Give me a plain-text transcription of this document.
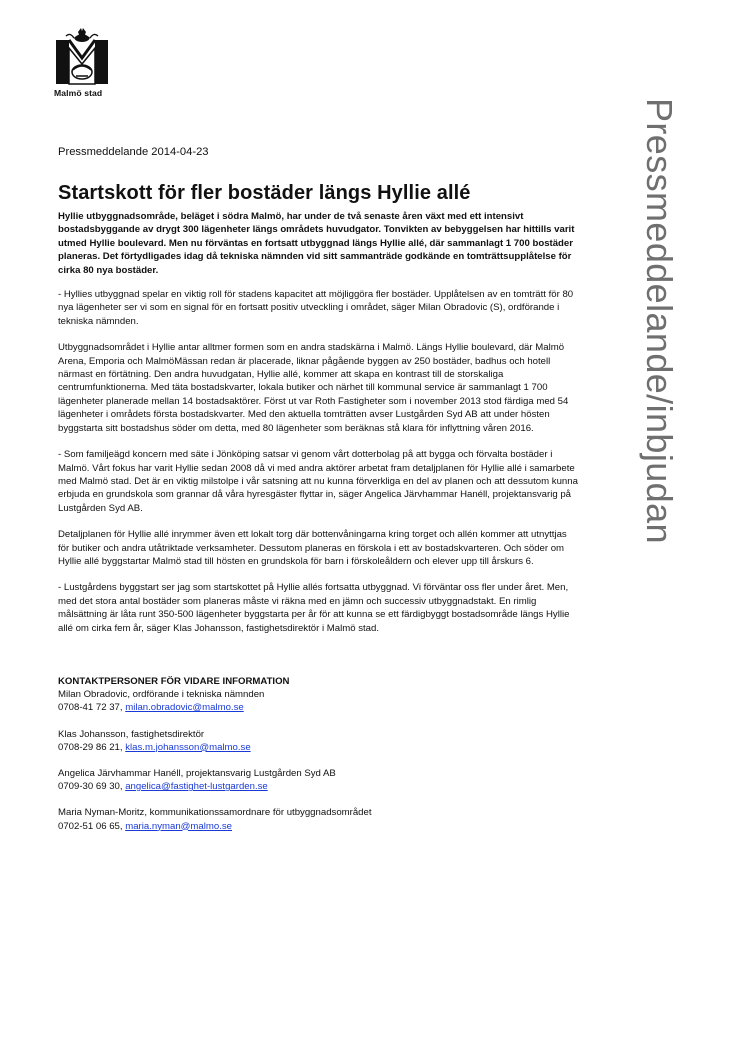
Malmö stad
Pressmeddelande/inbjudan
Pressmeddelande 2014-04-23
Startskott för fler bostäder längs Hyllie allé
Hyllie utbyggnadsområde, beläget i södra Malmö, har under de två senaste åren växt med ett intensivt bostadsbyggande av drygt 300 lägenheter längs områdets huvudgator. Tonvikten av bebyggelsen har hittills varit utmed Hyllie boulevard. Men nu förväntas en fortsatt utbyggnad längs Hyllie allé, där sammanlagt 1 700 bostäder planeras. Det förtydligades idag då tekniska nämnden vid sitt sammanträde godkände en tomträttsupplåtelse för cirka 80 nya bostäder.

- Hyllies utbyggnad spelar en viktig roll för stadens kapacitet att möjliggöra fler bostäder. Upplåtelsen av en tomträtt för 80 nya lägenheter ser vi som en signal för en fortsatt positiv utveckling i området, säger Milan Obradovic (S), ordförande i tekniska nämnden.

Utbyggnadsområdet i Hyllie antar alltmer formen som en andra stadskärna i Malmö. Längs Hyllie boulevard, där Malmö Arena, Emporia och MalmöMässan redan är placerade, liknar pågående byggen av 250 bostäder, badhus och hotell närmast en förtätning. Den andra huvudgatan, Hyllie allé, kommer att skapa en kontrast till de storskaliga centrumfunktionerna. Med täta bostadskvarter, lokala butiker och närhet till kommunal service är sammanlagt 1 700 lägenheter planerade mellan 14 bostadsaktörer. Först ut var Roth Fastigheter som i november 2013 stod färdiga med 54 lägenheter i områdets första bostadskvarter. Med den aktuella tomträtten avser Lustgården Syd AB att under hösten byggstarta sitt bostadshus söder om detta, med 80 lägenheter som beräknas stå klara för inflyttning våren 2016.

- Som familjeägd koncern med säte i Jönköping satsar vi genom vårt dotterbolag på att bygga och förvalta bostäder i Malmö. Vårt fokus har varit Hyllie sedan 2008 då vi med andra aktörer arbetat fram detaljplanen för Hyllie allé i samarbete med Malmö stad. Det är en viktig milstolpe i vår satsning att nu kunna förverkliga en del av planen och att dessutom kunna erbjuda en grundskola som grannar då våra hyresgäster flyttar in, säger Angelica Järvhammar Hanéll, projektansvarig på Lustgården Syd AB.

Detaljplanen för Hyllie allé inrymmer även ett lokalt torg där bottenvåningarna kring torget och allén kommer att utnyttjas för butiker och andra utåtriktade verksamheter. Dessutom planeras en förskola i ett av bostadskvarteren. Och söder om Hyllie allé byggstartar Malmö stad till hösten en grundskola för barn i förskoleåldern och elever upp till årskurs 6.

- Lustgårdens byggstart ser jag som startskottet på Hyllie allés fortsatta utbyggnad. Vi förväntar oss fler under året. Men, med det stora antal bostäder som planeras måste vi räkna med en jämn och successiv utbyggnadstakt. En rimlig målsättning är låta runt 350-500 lägenheter byggstarta per år för att kunna se ett färdigbyggt bostadsområde längs Hyllie allé om cirka fem år, säger Klas Johansson, fastighetsdirektör i Malmö stad.

KONTAKTPERSONER FÖR VIDARE INFORMATION
Milan Obradovic, ordförande i tekniska nämnden
0708-41 72 37, milan.obradovic@malmo.se
Klas Johansson, fastighetsdirektör
0708-29 86 21, klas.m.johansson@malmo.se
Angelica Järvhammar Hanéll, projektansvarig Lustgården Syd AB
0709-30 69 30, angelica@fastighet-lustgarden.se
Maria Nyman-Moritz, kommunikationssamordnare för utbyggnadsområdet
0702-51 06 65, maria.nyman@malmo.se
